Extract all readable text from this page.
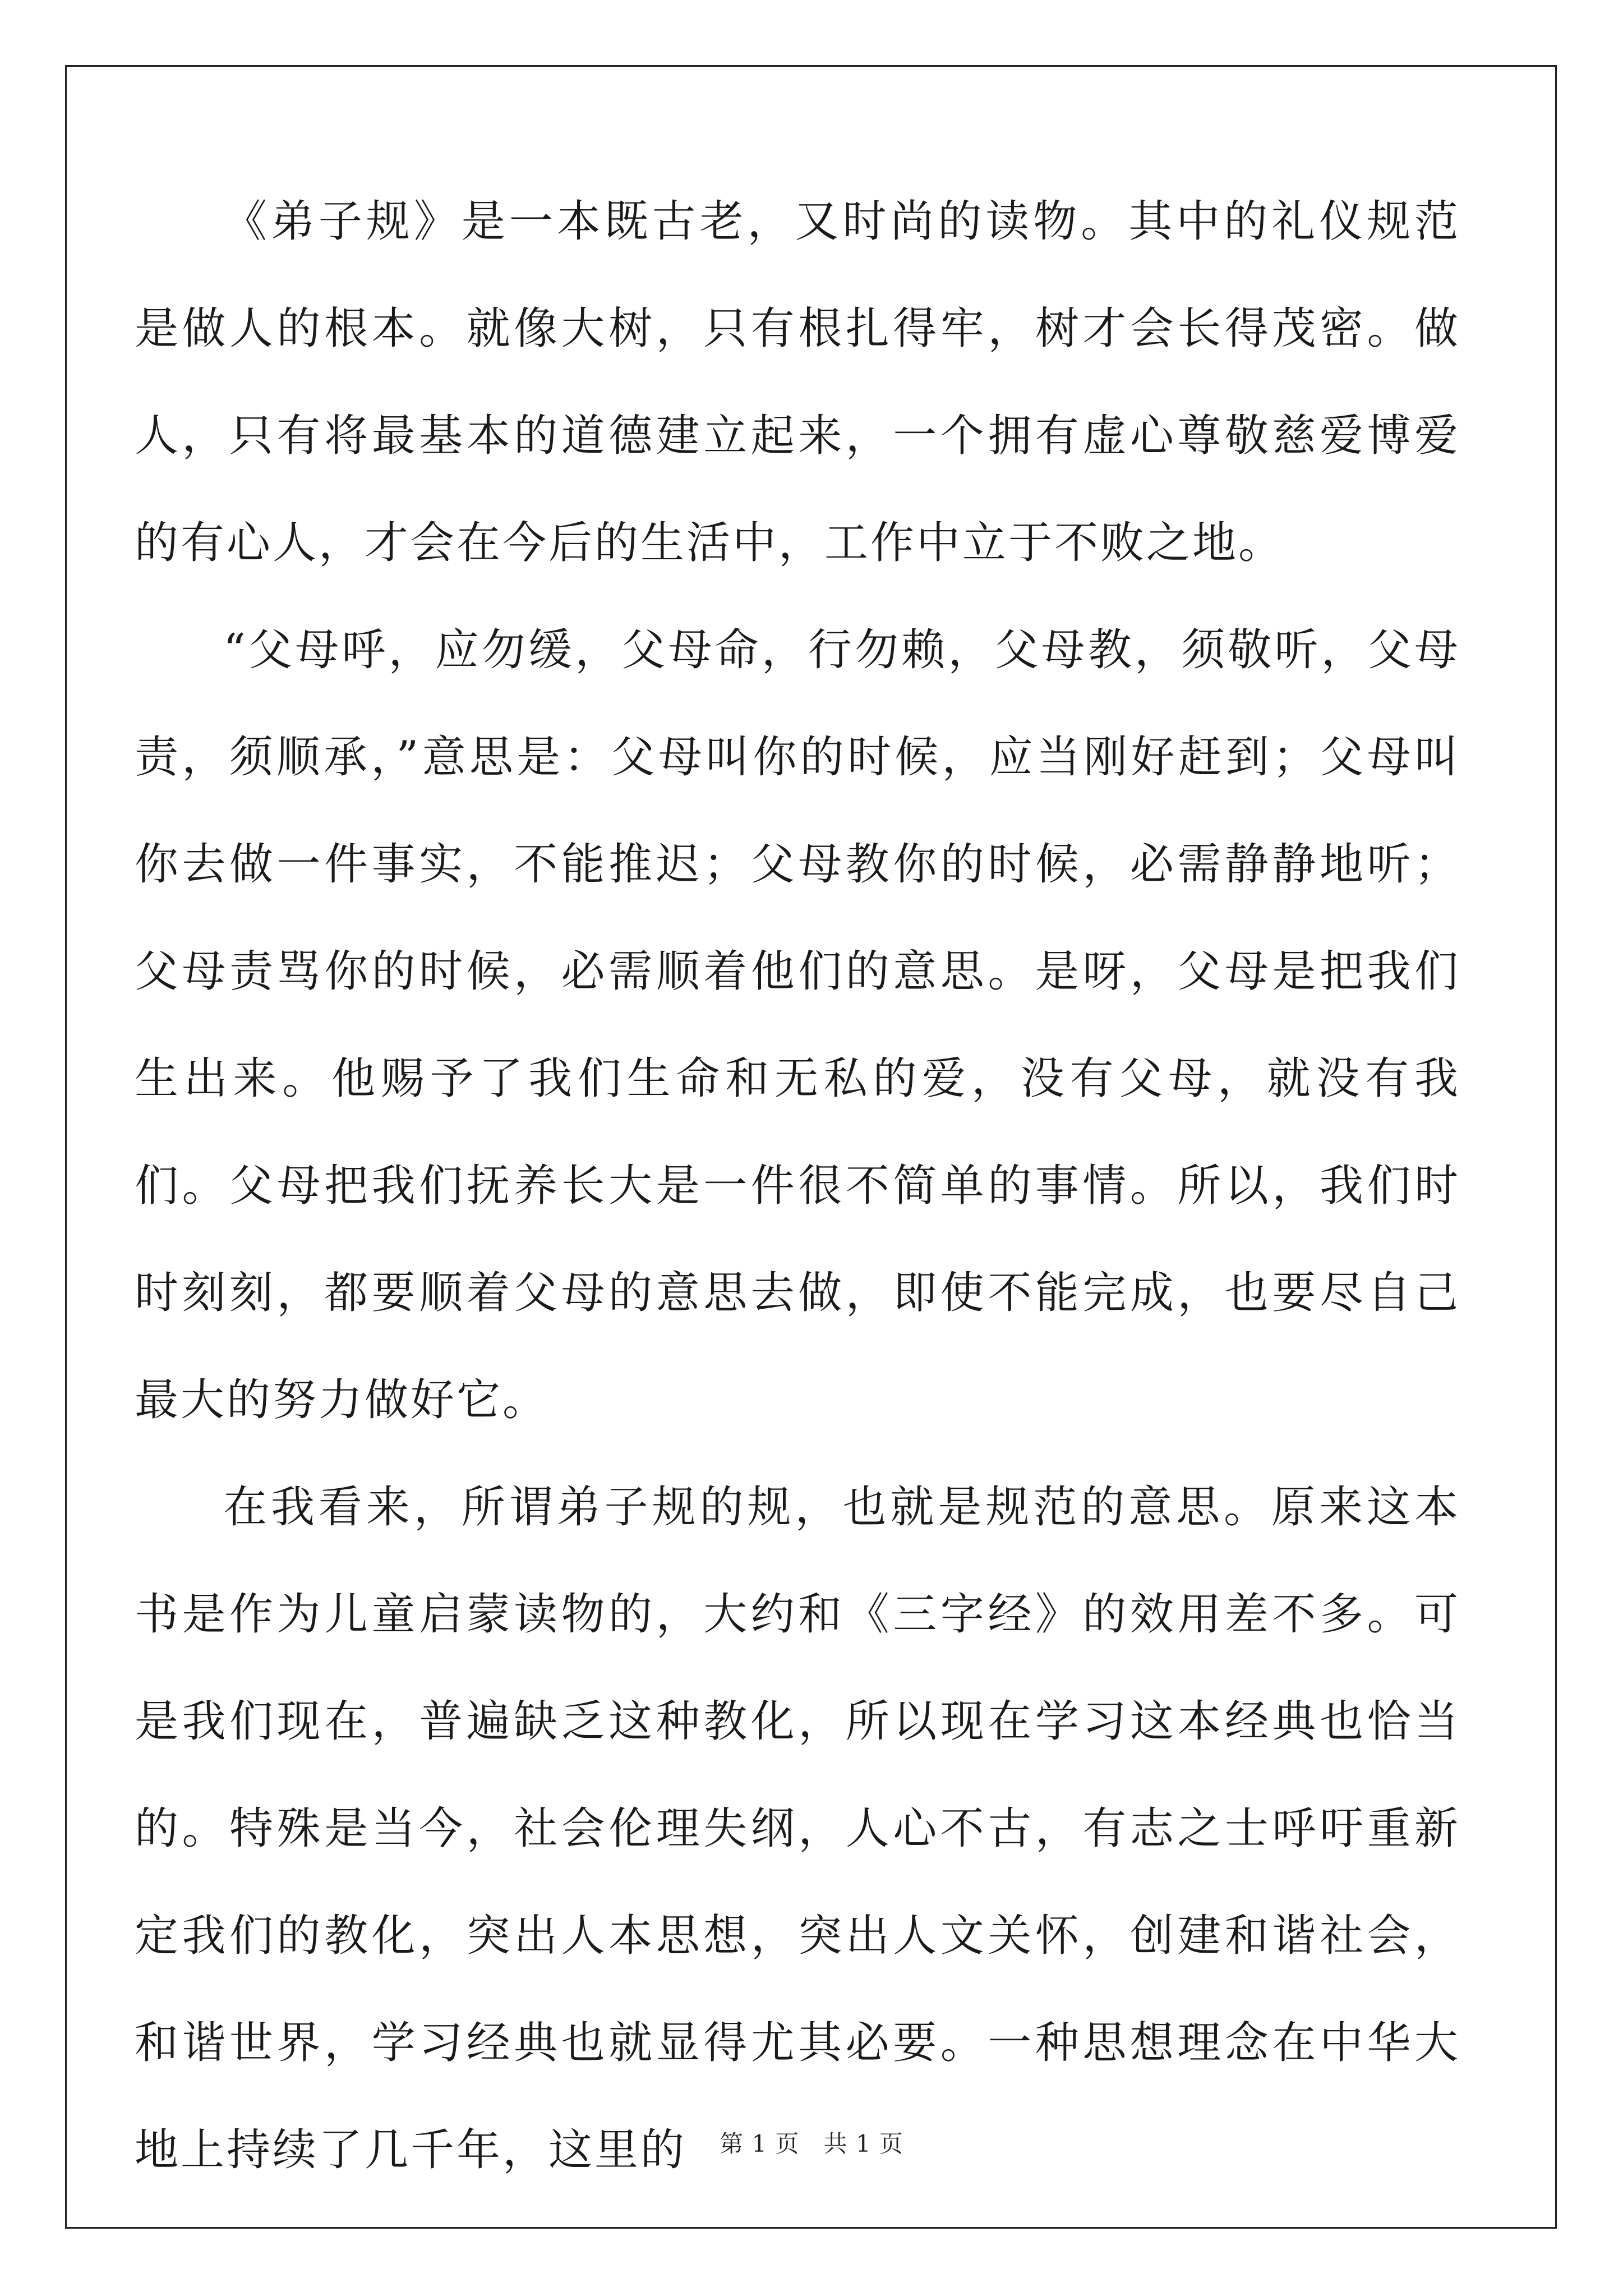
《弟子规》是一本既古老，又时尚的读物。其中的礼仪规范是做人的根本。就像大树，只有根扎得牢，树才会长得茂密。做人，只有将最基本的道德建立起来，一个拥有虚心尊敬慈爱博爱的有心人，才会在今后的生活中，工作中立于不败之地。

“父母呼，应勿缓，父母命，行勿赖，父母教，须敬听，父母责，须顺承，”意思是：父母叫你的时候，应当刚好赶到；父母叫你去做一件事实，不能推迟；父母教你的时候，必需静静地听；父母责骂你的时候，必需顺着他们的意思。是呀，父母是把我们生出来。他赐予了我们生命和无私的爱，没有父母，就没有我们。父母把我们抚养长大是一件很不简单的事情。所以，我们时时刻刻，都要顺着父母的意思去做，即使不能完成，也要尽自己最大的努力做好它。

在我看来，所谓弟子规的规，也就是规范的意思。原来这本书是作为儿童启蒙读物的，大约和《三字经》的效用差不多。可是我们现在，普遍缺乏这种教化，所以现在学习这本经典也恰当的。特殊是当今，社会伦理失纲，人心不古，有志之士呼吁重新定我们的教化，突出人本思想，突出人文关怀，创建和谐社会，和谐世界，学习经典也就显得尤其必要。一种思想理念在中华大地上持续了几千年，这里的	第 1 页　共 1 页
